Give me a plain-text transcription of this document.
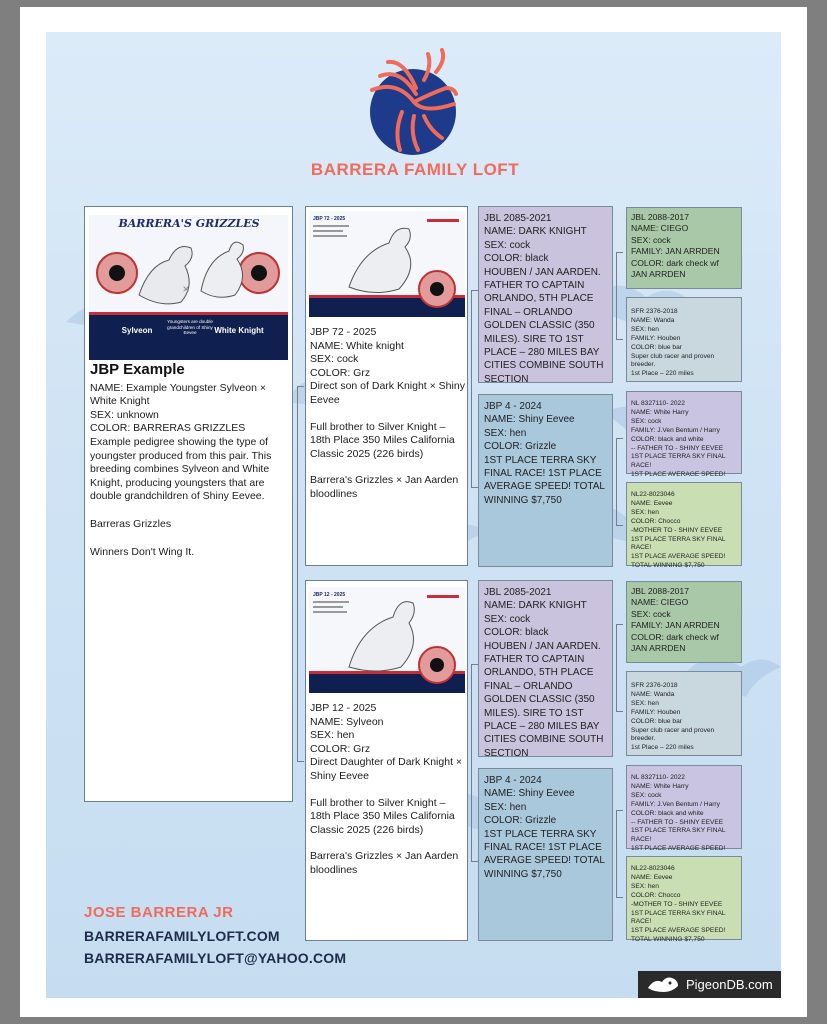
BARRERA FAMILY LOFT
BARRERA'S GRIZZLES
×
Sylveon	White Knight
Youngsters are double grandchildren of Shiny Eevee
JBP Example
NAME: Example Youngster Sylveon × White Knight
SEX: unknown
COLOR: BARRERAS GRIZZLES
Example pedigree showing the type of youngster produced from this pair. This breeding combines Sylveon and White Knight, producing youngsters that are double grandchildren of Shiny Eevee.
Barreras Grizzles
Winners Don't Wing It.
JBP 72 - 2025
JBP 72 - 2025
NAME: White knight
SEX: cock
COLOR: Grz
Direct son of Dark Knight × Shiny Eevee
Full brother to Silver Knight – 18th Place 350 Miles California Classic 2025 (226 birds)
Barrera's Grizzles × Jan Aarden bloodlines
JBP 12 - 2025
JBP 12 - 2025
NAME: Sylveon
SEX: hen
COLOR: Grz
Direct Daughter of Dark Knight × Shiny Eevee
Full brother to Silver Knight – 18th Place 350 Miles California Classic 2025 (226 birds)
Barrera's Grizzles × Jan Aarden bloodlines
JBL 2085-2021
NAME: DARK KNIGHT
SEX: cock
COLOR: black
HOUBEN / JAN AARDEN. FATHER TO CAPTAIN ORLANDO, 5TH PLACE FINAL – ORLANDO GOLDEN CLASSIC (350 MILES). SIRE TO 1ST PLACE – 280 MILES BAY CITIES COMBINE SOUTH SECTION
JBP 4 - 2024
NAME: Shiny Eevee
SEX: hen
COLOR: Grizzle
1ST PLACE TERRA SKY FINAL RACE! 1ST PLACE AVERAGE SPEED! TOTAL WINNING $7,750
JBL 2085-2021
NAME: DARK KNIGHT
SEX: cock
COLOR: black
HOUBEN / JAN AARDEN. FATHER TO CAPTAIN ORLANDO, 5TH PLACE FINAL – ORLANDO GOLDEN CLASSIC (350 MILES). SIRE TO 1ST PLACE – 280 MILES BAY CITIES COMBINE SOUTH SECTION
JBP 4 - 2024
NAME: Shiny Eevee
SEX: hen
COLOR: Grizzle
1ST PLACE TERRA SKY FINAL RACE! 1ST PLACE AVERAGE SPEED! TOTAL WINNING $7,750
JBL 2088-2017
NAME: CIEGO
SEX: cock
FAMILY: JAN ARRDEN
COLOR: dark check wf JAN ARRDEN
SFR 2376-2018
NAME: Wanda
SEX: hen
FAMILY: Houben
COLOR: blue bar
Super club racer and proven breeder.
1st Place – 220 miles
NL 8327110- 2022
NAME: White Harry
SEX: cock
FAMILY: J.Ven Bentum / Harry
COLOR: black and white
-- FATHER TO - SHINY EEVEE
1ST PLACE TERRA SKY FINAL RACE!
1ST PLACE AVERAGE SPEED!
NL22-8023046
NAME: Eevee
SEX: hen
COLOR: Chocco
-MOTHER TO - SHINY EEVEE
1ST PLACE TERRA SKY FINAL RACE!
1ST PLACE AVERAGE SPEED!
TOTAL WINNING $7,750
JBL 2088-2017
NAME: CIEGO
SEX: cock
FAMILY: JAN ARRDEN
COLOR: dark check wf JAN ARRDEN
SFR 2376-2018
NAME: Wanda
SEX: hen
FAMILY: Houben
COLOR: blue bar
Super club racer and proven breeder.
1st Place – 220 miles
NL 8327110- 2022
NAME: White Harry
SEX: cock
FAMILY: J.Ven Bentum / Harry
COLOR: black and white
-- FATHER TO - SHINY EEVEE
1ST PLACE TERRA SKY FINAL RACE!
1ST PLACE AVERAGE SPEED!
NL22-8023046
NAME: Eevee
SEX: hen
COLOR: Chocco
-MOTHER TO - SHINY EEVEE
1ST PLACE TERRA SKY FINAL RACE!
1ST PLACE AVERAGE SPEED!
TOTAL WINNING $7,750
JOSE BARRERA JR
BARRERAFAMILYLOFT.COM
BARRERAFAMILYLOFT@YAHOO.COM
PigeonDB.com
